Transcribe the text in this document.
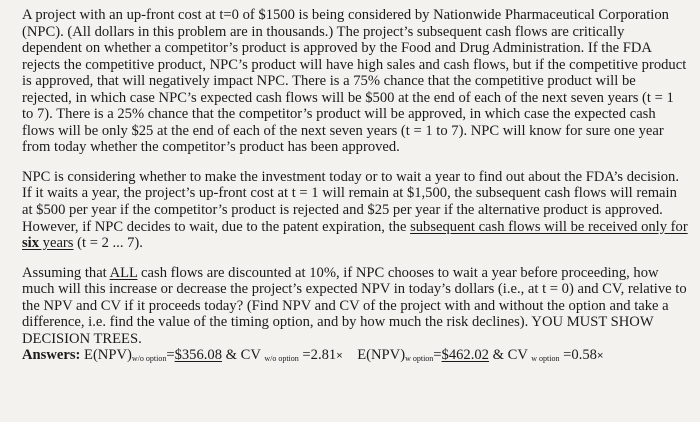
A project with an up-front cost at t=0 of $1500 is being considered by Nationwide Pharmaceutical Corporation (NPC). (All dollars in this problem are in thousands.) The project’s subsequent cash flows are critically dependent on whether a competitor’s product is approved by the Food and Drug Administration. If the FDA rejects the competitive product, NPC’s product will have high sales and cash flows, but if the competitive product is approved, that will negatively impact NPC. There is a 75% chance that the competitive product will be rejected, in which case NPC’s expected cash flows will be $500 at the end of each of the next seven years (t = 1 to 7). There is a 25% chance that the competitor’s product will be approved, in which case the expected cash flows will be only $25 at the end of each of the next seven years (t = 1 to 7). NPC will know for sure one year from today whether the competitor’s product has been approved.

NPC is considering whether to make the investment today or to wait a year to find out about the FDA’s decision. If it waits a year, the project’s up-front cost at t = 1 will remain at $1,500, the subsequent cash flows will remain at $500 per year if the competitor’s product is rejected and $25 per year if the alternative product is approved. However, if NPC decides to wait, due to the patent expiration, the subsequent cash flows will be received only for six years (t = 2 ... 7).

Assuming that ALL cash flows are discounted at 10%, if NPC chooses to wait a year before proceeding, how much will this increase or decrease the project’s expected NPV in today’s dollars (i.e., at t = 0) and CV, relative to the NPV and CV if it proceeds today? (Find NPV and CV of the project with and without the option and take a difference, i.e. find the value of the timing option, and by how much the risk declines). YOU MUST SHOW DECISION TREES.

Answers: $E(NPV)_{w/o option}=\$356.08$ & CV $_{w/o option} =2.81\times E(NPV)_{w option}=\$462.02$ & CV $_{w option}$ =0.58×
